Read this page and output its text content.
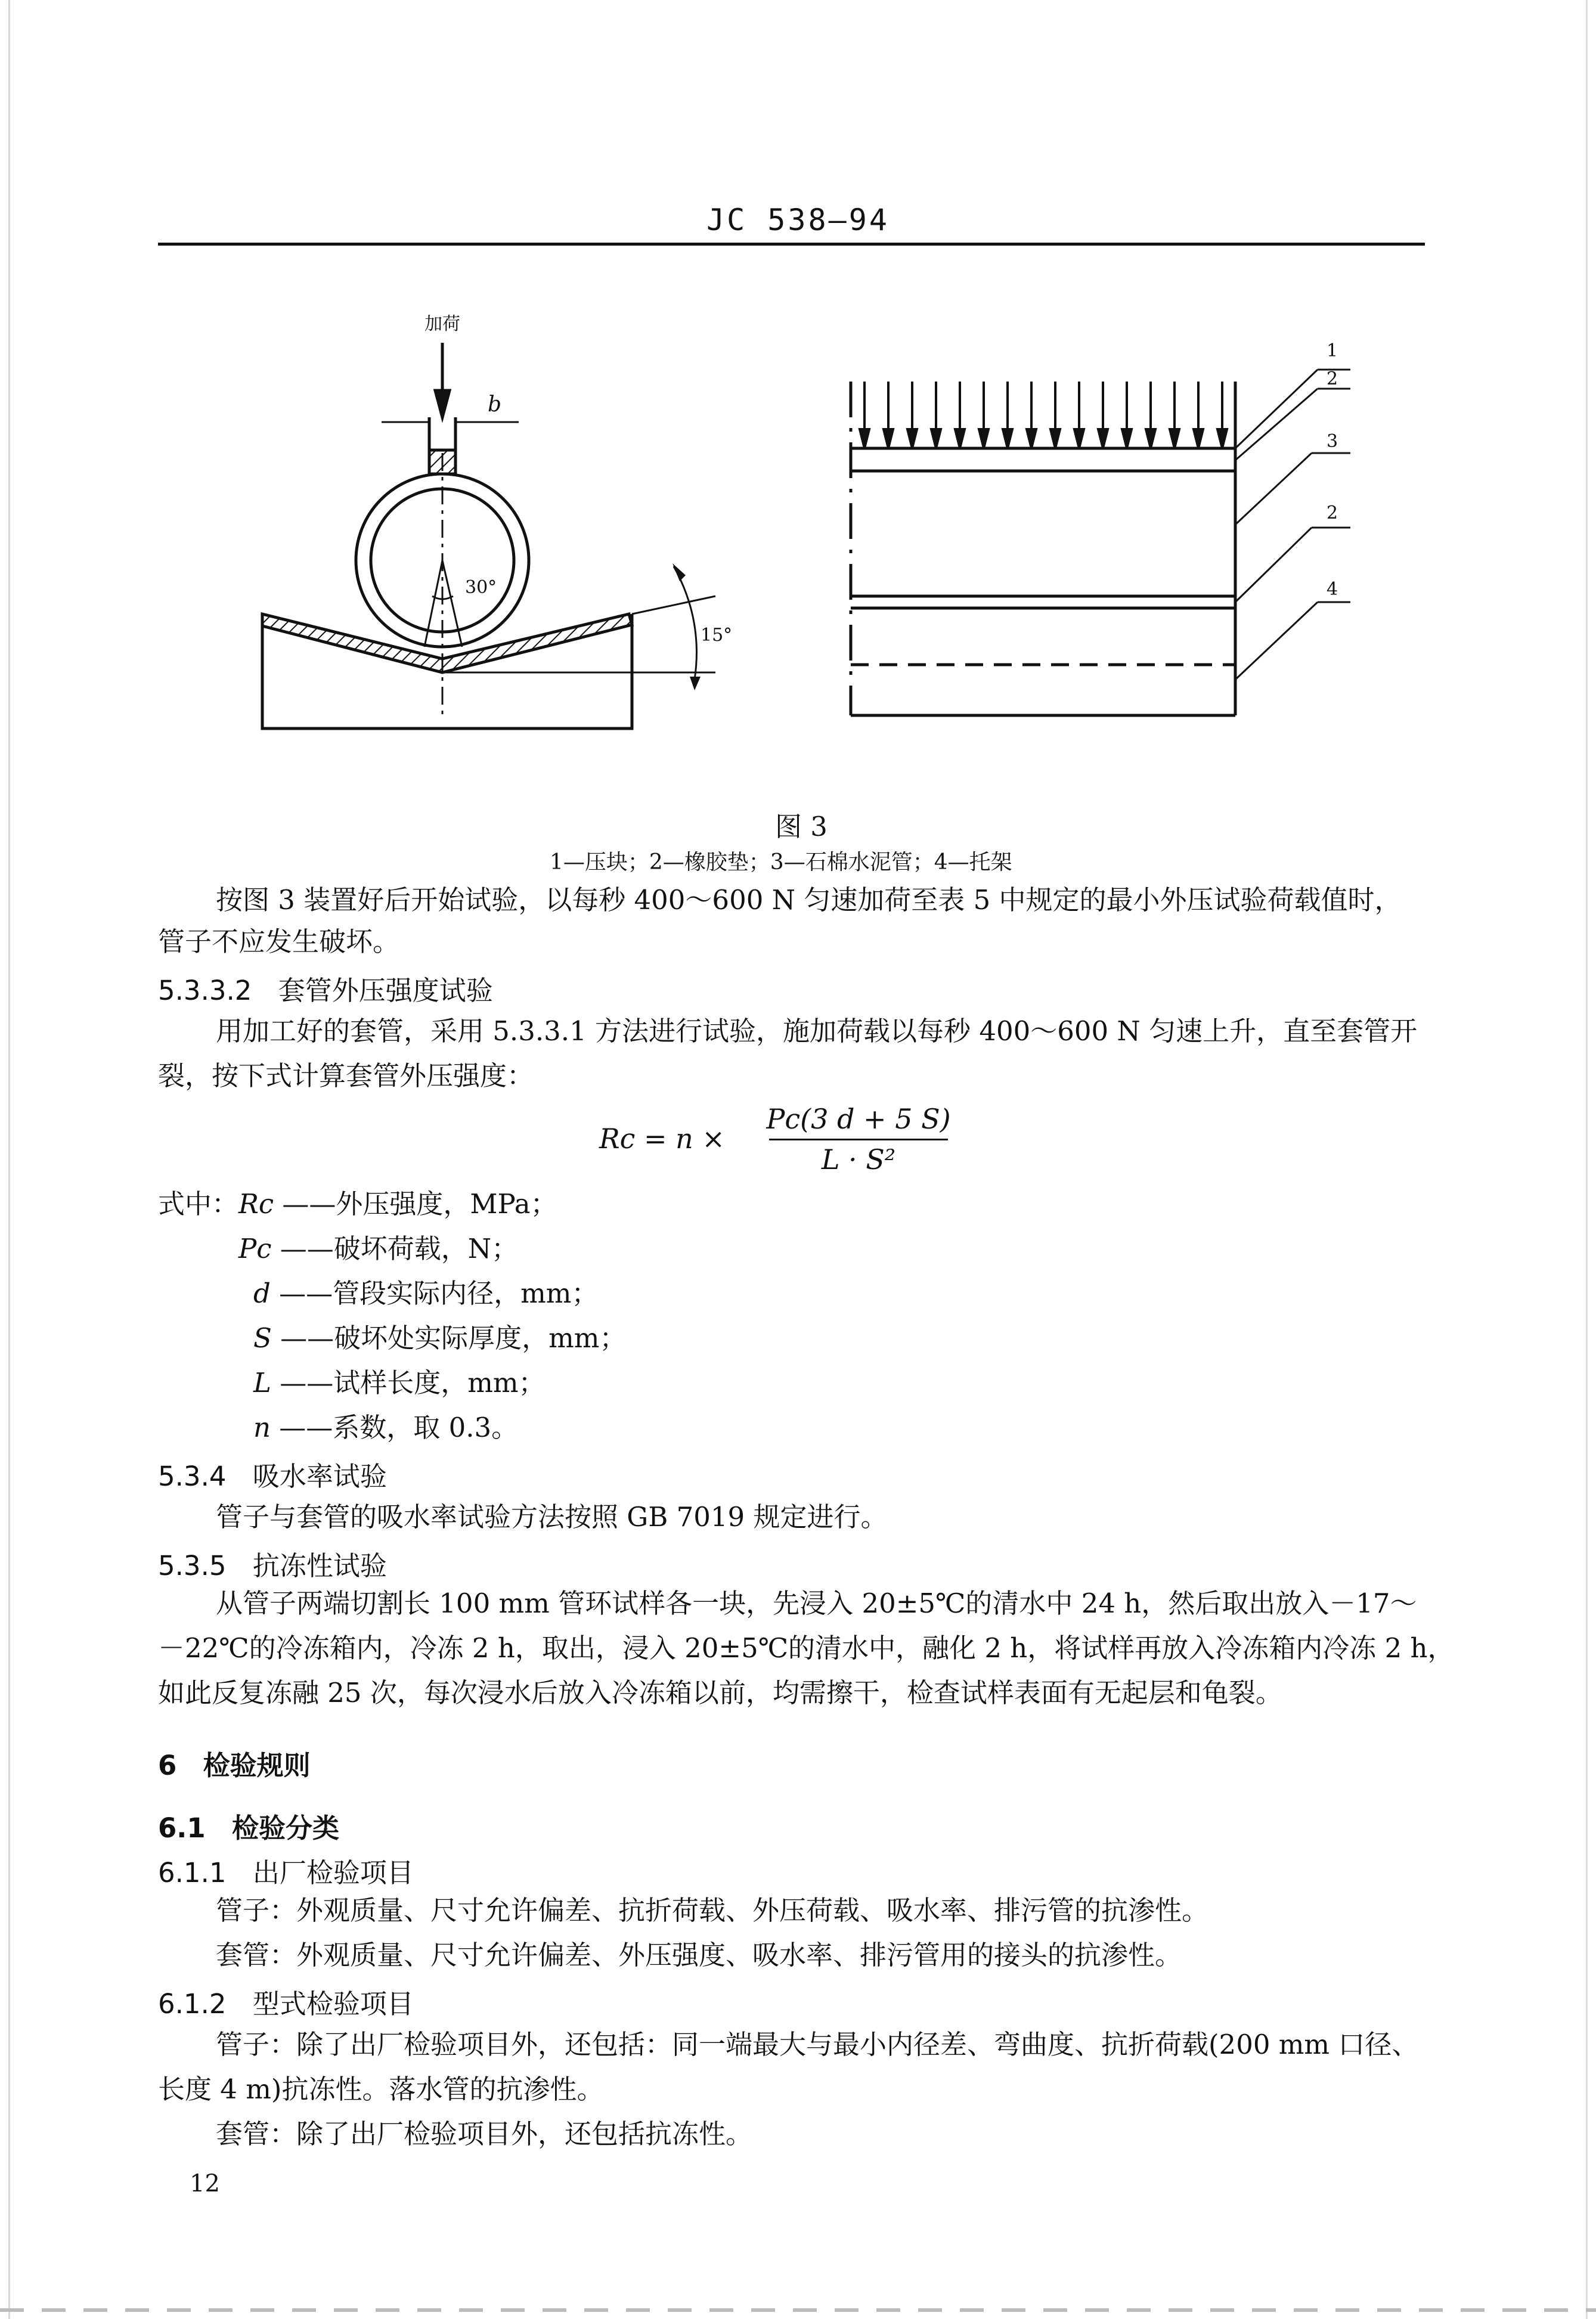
JC 538—94
加荷
b
30°
15°
1
2
3
2
4
图 3
1—压块；2—橡胶垫；3—石棉水泥管；4—托架
按图 3 装置好后开始试验，以每秒 400～600 N 匀速加荷至表 5 中规定的最小外压试验荷载值时，
管子不应发生破坏。
5.3.3.2 套管外压强度试验
用加工好的套管，采用 5.3.3.1 方法进行试验，施加荷载以每秒 400～600 N 匀速上升，直至套管开
裂，按下式计算套管外压强度：
Rc = n ×
Pc(3 d + 5 S)
L · S²
式中： Rc ——外压强度，MPa；
Pc ——破坏荷载，N；
d ——管段实际内径，mm；
S ——破坏处实际厚度，mm；
L ——试样长度，mm；
n ——系数，取 0.3。
5.3.4 吸水率试验
管子与套管的吸水率试验方法按照 GB 7019 规定进行。
5.3.5 抗冻性试验
从管子两端切割长 100 mm 管环试样各一块，先浸入 20±5℃的清水中 24 h，然后取出放入－17～
－22℃的冷冻箱内，冷冻 2 h，取出，浸入 20±5℃的清水中，融化 2 h，将试样再放入冷冻箱内冷冻 2 h，
如此反复冻融 25 次，每次浸水后放入冷冻箱以前，均需擦干，检查试样表面有无起层和龟裂。
6 检验规则
6.1 检验分类
6.1.1 出厂检验项目
管子：外观质量、尺寸允许偏差、抗折荷载、外压荷载、吸水率、排污管的抗渗性。
套管：外观质量、尺寸允许偏差、外压强度、吸水率、排污管用的接头的抗渗性。
6.1.2 型式检验项目
管子：除了出厂检验项目外，还包括：同一端最大与最小内径差、弯曲度、抗折荷载(200 mm 口径、
长度 4 m)抗冻性。落水管的抗渗性。
套管：除了出厂检验项目外，还包括抗冻性。
12
